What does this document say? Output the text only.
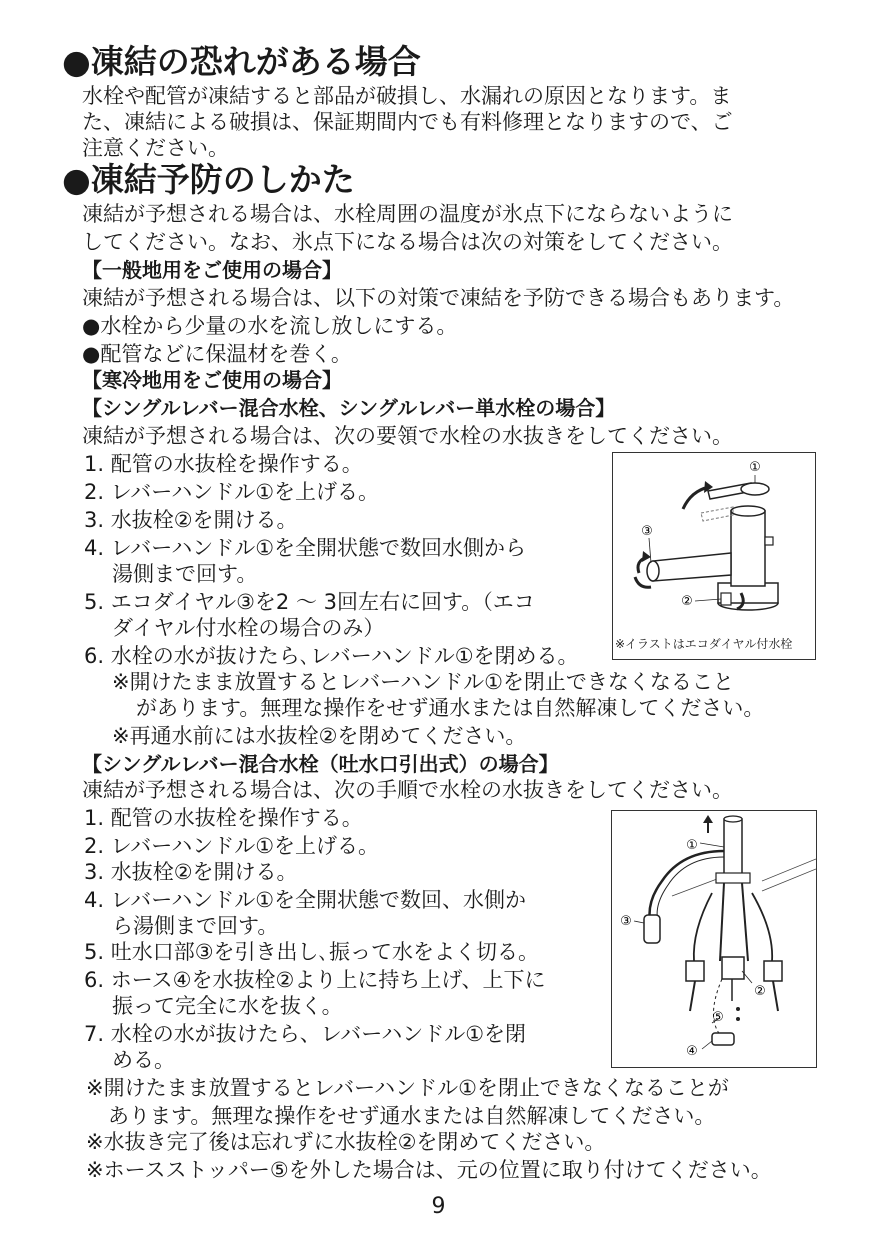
●凍結の恐れがある場合
水栓や配管が凍結すると部品が破損し、水漏れの原因となります。ま
た、凍結による破損は、保証期間内でも有料修理となりますので、ご
注意ください。
●凍結予防のしかた
凍結が予想される場合は、水栓周囲の温度が氷点下にならないように
してください。なお、氷点下になる場合は次の対策をしてください。
【一般地用をご使用の場合】
凍結が予想される場合は、以下の対策で凍結を予防できる場合もあります。
●水栓から少量の水を流し放しにする。
●配管などに保温材を巻く。
【寒冷地用をご使用の場合】
【シングルレバー混合水栓、シングルレバー単水栓の場合】
凍結が予想される場合は、次の要領で水栓の水抜きをしてください。
1. 配管の水抜栓を操作する。
2. レバーハンドル①を上げる。
3. 水抜栓②を開ける。
4. レバーハンドル①を全開状態で数回水側から
湯側まで回す。
5. エコダイヤル③を2 ～ 3回左右に回す。（エコ
ダイヤル付水栓の場合のみ）
6. 水栓の水が抜けたら､レバーハンドル①を閉める。
※開けたまま放置するとレバーハンドル①を閉止できなくなること
があります。無理な操作をせず通水または自然解凍してください。
※再通水前には水抜栓②を閉めてください。
①
②
③
※イラストはエコダイヤル付水栓
【シングルレバー混合水栓（吐水口引出式）の場合】
凍結が予想される場合は、次の手順で水栓の水抜きをしてください。
1. 配管の水抜栓を操作する。
2. レバーハンドル①を上げる。
3. 水抜栓②を開ける。
4. レバーハンドル①を全開状態で数回、水側か
ら湯側まで回す。
5. 吐水口部③を引き出し､振って水をよく切る。
6. ホース④を水抜栓②より上に持ち上げ、上下に
振って完全に水を抜く。
7. 水栓の水が抜けたら、レバーハンドル①を閉
める。
※開けたまま放置するとレバーハンドル①を閉止できなくなることが
あります。無理な操作をせず通水または自然解凍してください。
※水抜き完了後は忘れずに水抜栓②を閉めてください。
※ホースストッパー⑤を外した場合は、元の位置に取り付けてください。
①
②
③
④
⑤
9
